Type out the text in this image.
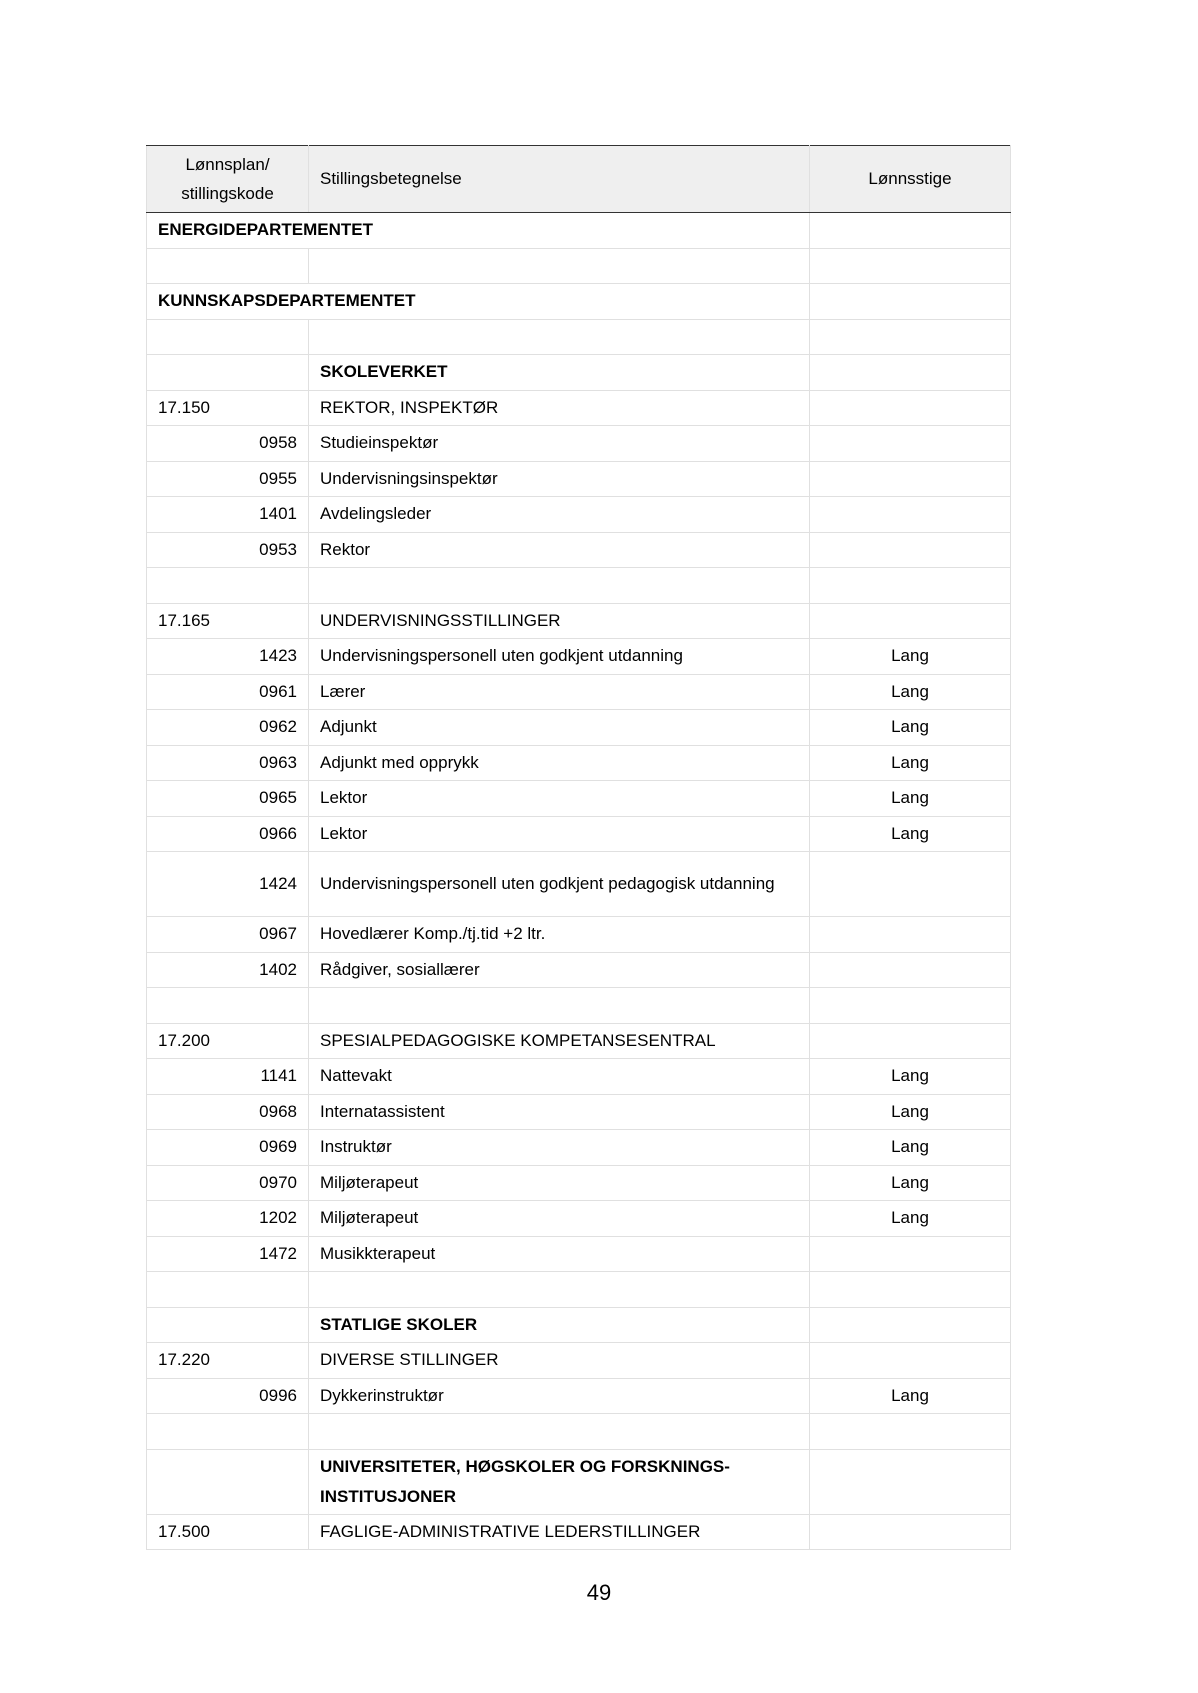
Lønnsplan/ stillingskode	Stillingsbetegnelse	Lønnsstige
ENERGIDEPARTEMENTET		

KUNNSKAPSDEPARTEMENTET		

	SKOLEVERKET	
17.150	REKTOR, INSPEKTØR	
0958	Studieinspektør	
0955	Undervisningsinspektør	
1401	Avdelingsleder	
0953	Rektor	

17.165	UNDERVISNINGSSTILLINGER	
1423	Undervisningspersonell uten godkjent utdanning	Lang
0961	Lærer	Lang
0962	Adjunkt	Lang
0963	Adjunkt med opprykk	Lang
0965	Lektor	Lang
0966	Lektor	Lang
1424	Undervisningspersonell uten godkjent pedagogisk utdanning	
0967	Hovedlærer Komp./tj.tid +2 ltr.	
1402	Rådgiver, sosiallærer	

17.200	SPESIALPEDAGOGISKE KOMPETANSESENTRAL	
1141	Nattevakt	Lang
0968	Internatassistent	Lang
0969	Instruktør	Lang
0970	Miljøterapeut	Lang
1202	Miljøterapeut	Lang
1472	Musikkterapeut	

	STATLIGE SKOLER	
17.220	DIVERSE STILLINGER	
0996	Dykkerinstruktør	Lang

	UNIVERSITETER, HØGSKOLER OG FORSKNINGS-INSTITUSJONER	
17.500	FAGLIGE-ADMINISTRATIVE LEDERSTILLINGER	
49
